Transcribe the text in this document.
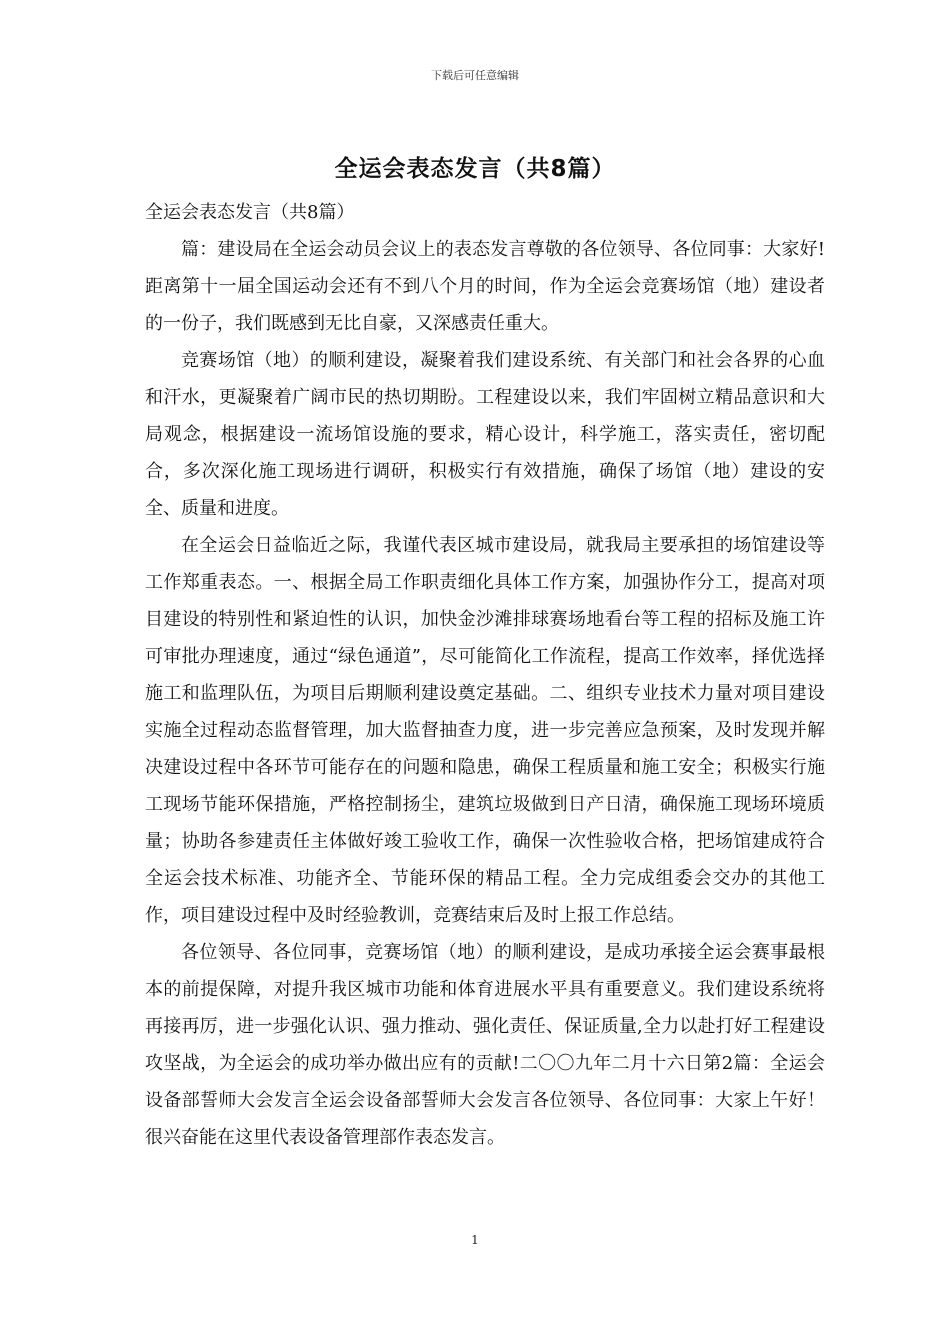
下载后可任意编辑
全运会表态发言（共8篇）

全运会表态发言（共8篇）

篇：建设局在全运会动员会议上的表态发言尊敬的各位领导、各位同事：大家好!距离第十一届全国运动会还有不到八个月的时间，作为全运会竞赛场馆（地）建设者的一份子，我们既感到无比自豪，又深感责任重大。

竞赛场馆（地）的顺利建设，凝聚着我们建设系统、有关部门和社会各界的心血和汗水，更凝聚着广阔市民的热切期盼。工程建设以来，我们牢固树立精品意识和大局观念，根据建设一流场馆设施的要求，精心设计，科学施工，落实责任，密切配合，多次深化施工现场进行调研，积极实行有效措施，确保了场馆（地）建设的安全、质量和进度。

在全运会日益临近之际，我谨代表区城市建设局，就我局主要承担的场馆建设等工作郑重表态。一、根据全局工作职责细化具体工作方案，加强协作分工，提高对项目建设的特别性和紧迫性的认识，加快金沙滩排球赛场地看台等工程的招标及施工许可审批办理速度，通过“绿色通道”，尽可能简化工作流程，提高工作效率，择优选择施工和监理队伍，为项目后期顺利建设奠定基础。二、组织专业技术力量对项目建设实施全过程动态监督管理，加大监督抽查力度，进一步完善应急预案，及时发现并解决建设过程中各环节可能存在的问题和隐患，确保工程质量和施工安全；积极实行施工现场节能环保措施，严格控制扬尘，建筑垃圾做到日产日清，确保施工现场环境质量；协助各参建责任主体做好竣工验收工作，确保一次性验收合格，把场馆建成符合全运会技术标准、功能齐全、节能环保的精品工程。全力完成组委会交办的其他工作，项目建设过程中及时经验教训，竞赛结束后及时上报工作总结。

各位领导、各位同事，竞赛场馆（地）的顺利建设，是成功承接全运会赛事最根本的前提保障，对提升我区城市功能和体育进展水平具有重要意义。我们建设系统将再接再厉，进一步强化认识、强力推动、强化责任、保证质量,全力以赴打好工程建设攻坚战，为全运会的成功举办做出应有的贡献!二〇〇九年二月十六日第2篇：全运会设备部誓师大会发言全运会设备部誓师大会发言各位领导、各位同事：大家上午好！很兴奋能在这里代表设备管理部作表态发言。

1
